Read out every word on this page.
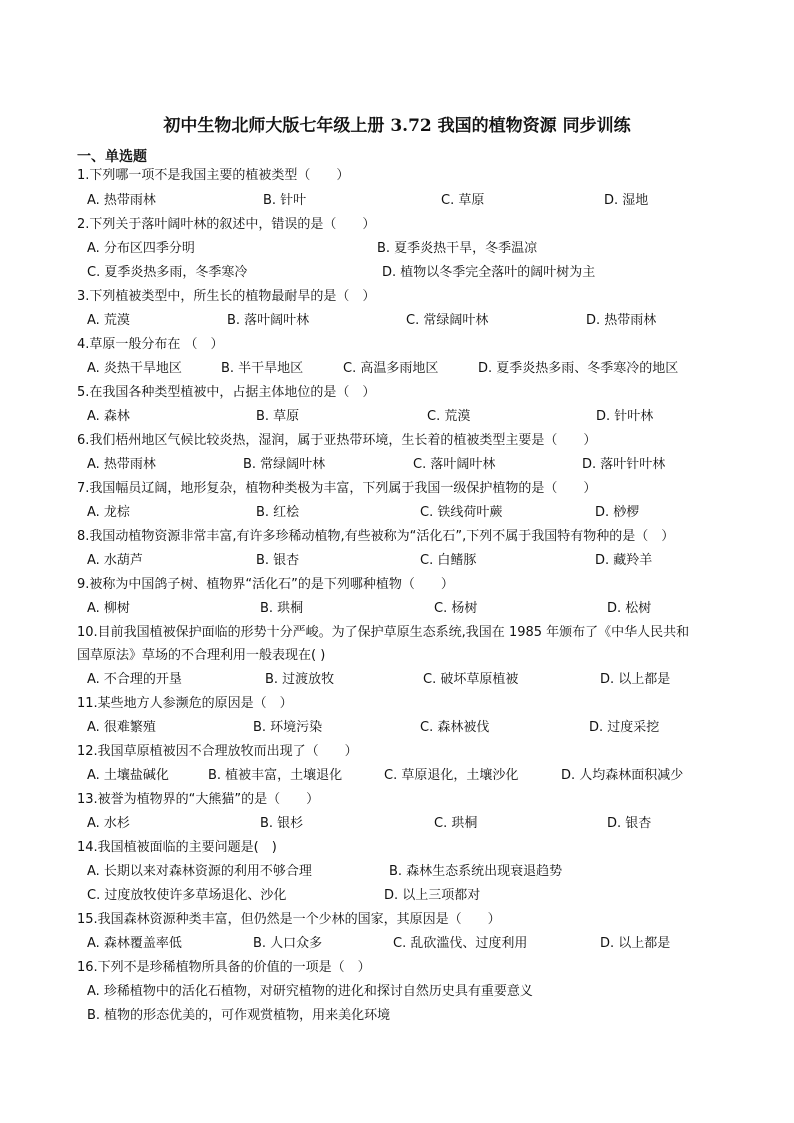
初中生物北师大版七年级上册 3.72 我国的植物资源 同步训练
一、单选题
1.下列哪一项不是我国主要的植被类型（　　）
A. 热带雨林	B. 针叶	C. 草原	D. 湿地
2.下列关于落叶阔叶林的叙述中，错误的是（　　）
A. 分布区四季分明	B. 夏季炎热干旱，冬季温凉
C. 夏季炎热多雨，冬季寒冷	D. 植物以冬季完全落叶的阔叶树为主
3.下列植被类型中，所生长的植物最耐旱的是（　）
A. 荒漠	B. 落叶阔叶林	C. 常绿阔叶林	D. 热带雨林
4.草原一般分布在 （　）
A. 炎热干旱地区	B. 半干旱地区	C. 高温多雨地区	D. 夏季炎热多雨、冬季寒冷的地区
5.在我国各种类型植被中，占据主体地位的是（　）
A. 森林	B. 草原	C. 荒漠	D. 针叶林
6.我们梧州地区气候比较炎热，湿润，属于亚热带环境，生长着的植被类型主要是（　　）
A. 热带雨林	B. 常绿阔叶林	C. 落叶阔叶林	D. 落叶针叶林
7.我国幅员辽阔，地形复杂，植物种类极为丰富，下列属于我国一级保护植物的是（　　）
A. 龙棕	B. 红桧	C. 铁线荷叶蕨	D. 桫椤
8.我国动植物资源非常丰富,有许多珍稀动植物,有些被称为“活化石”,下列不属于我国特有物种的是（　）
A. 水葫芦	B. 银杏	C. 白鳍豚	D. 藏羚羊
9.被称为中国鸽子树、植物界“活化石”的是下列哪种植物（　　）
A. 柳树	B. 珙桐	C. 杨树	D. 松树
10.目前我国植被保护面临的形势十分严峻。为了保护草原生态系统,我国在 1985 年颁布了《中华人民共和
国草原法》草场的不合理利用一般表现在( )
A. 不合理的开垦	B. 过渡放牧	C. 破坏草原植被	D. 以上都是
11.某些地方人参濒危的原因是（　）
A. 很难繁殖	B. 环境污染	C. 森林被伐	D. 过度采挖
12.我国草原植被因不合理放牧而出现了（　　）
A. 土壤盐碱化	B. 植被丰富，土壤退化	C. 草原退化，土壤沙化	D. 人均森林面积减少
13.被誉为植物界的“大熊猫”的是（　　）
A. 水杉	B. 银杉	C. 珙桐	D. 银杏
14.我国植被面临的主要问题是(　)
A. 长期以来对森林资源的利用不够合理	B. 森林生态系统出现衰退趋势
C. 过度放牧使许多草场退化、沙化	D. 以上三项都对
15.我国森林资源种类丰富，但仍然是一个少林的国家，其原因是（　　）
A. 森林覆盖率低	B. 人口众多	C. 乱砍滥伐、过度利用	D. 以上都是
16.下列不是珍稀植物所具备的价值的一项是（　）
A. 珍稀植物中的活化石植物，对研究植物的进化和探讨自然历史具有重要意义
B. 植物的形态优美的，可作观赏植物，用来美化环境
